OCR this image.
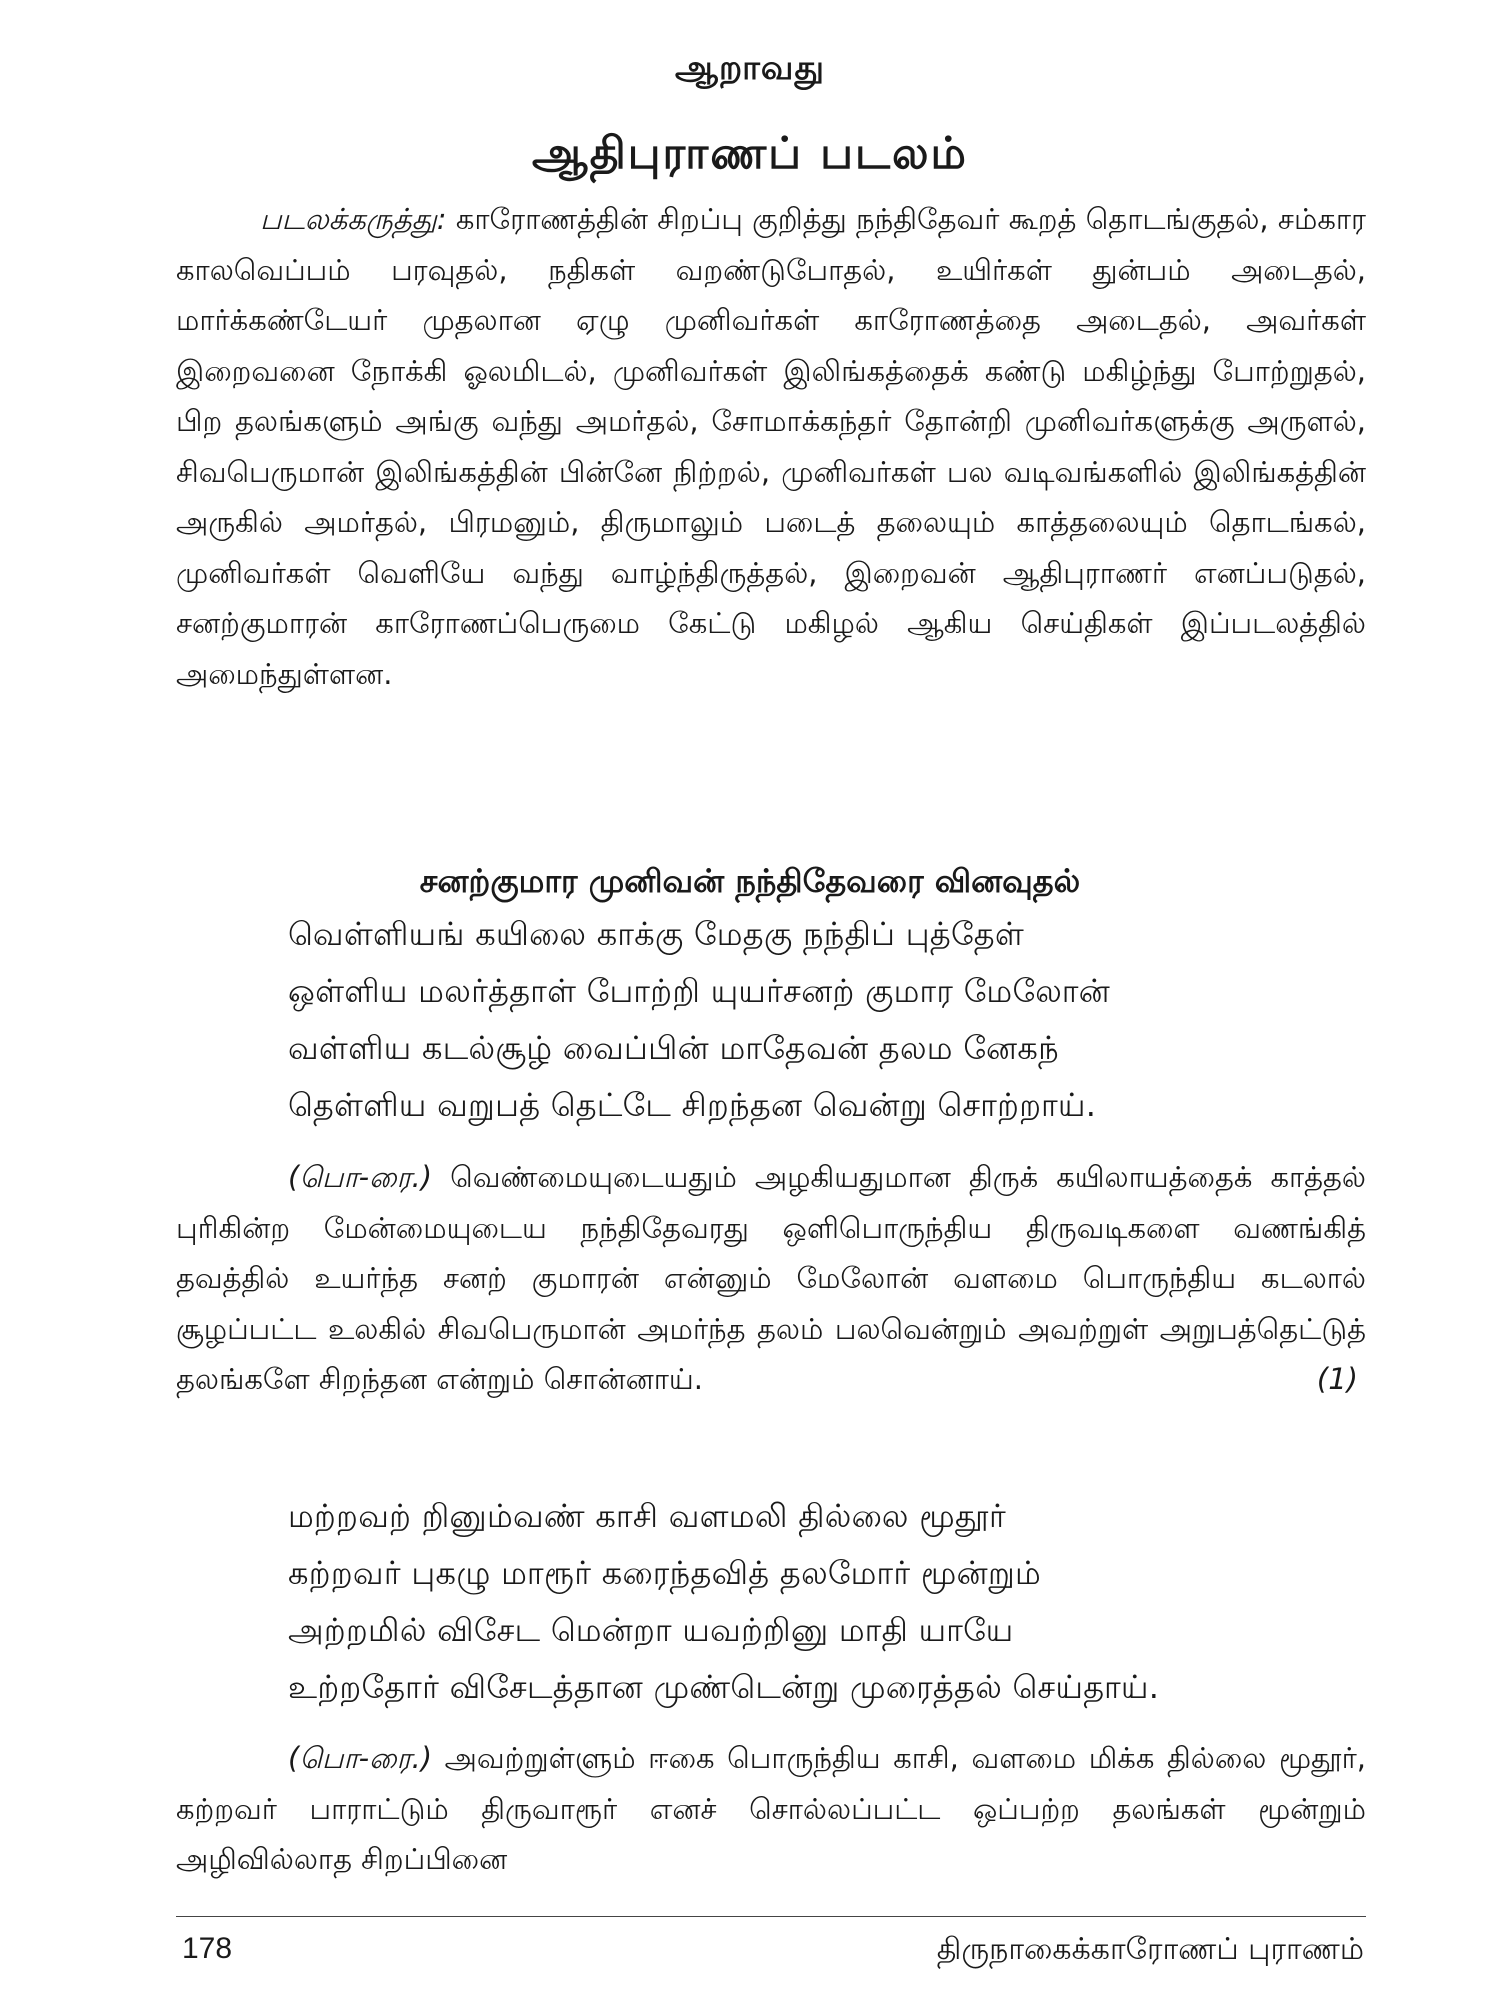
ஆறாவது
ஆதிபுராணப் படலம்

படலக்கருத்து: காரோணத்தின் சிறப்பு குறித்து நந்திதேவர் கூறத் தொடங்குதல், சம்கார காலவெப்பம் பரவுதல், நதிகள் வறண்டுபோதல், உயிர்கள் துன்பம் அடைதல், மார்க்கண்டேயர் முதலான ஏழு முனிவர்கள் காரோணத்தை அடைதல், அவர்கள் இறைவனை நோக்கி ஓலமிடல், முனிவர்கள் இலிங்கத்தைக் கண்டு மகிழ்ந்து போற்றுதல், பிற தலங்களும் அங்கு வந்து அமர்தல், சோமாக்கந்தர் தோன்றி முனிவர்களுக்கு அருளல், சிவபெருமான் இலிங்கத்தின் பின்னே நிற்றல், முனிவர்கள் பல வடிவங்களில் இலிங்கத்தின் அருகில் அமர்தல், பிரமனும், திருமாலும் படைத் தலையும் காத்தலையும் தொடங்கல், முனிவர்கள் வெளியே வந்து வாழ்ந்திருத்தல், இறைவன் ஆதிபுராணர் எனப்படுதல், சனற்குமாரன் காரோணப்பெருமை கேட்டு மகிழல் ஆகிய செய்திகள் இப்படலத்தில் அமைந்துள்ளன.

சனற்குமார முனிவன் நந்திதேவரை வினவுதல்
வெள்ளியங் கயிலை காக்கு மேதகு நந்திப் புத்தேள்
ஒள்ளிய மலர்த்தாள் போற்றி யுயர்சனற் குமார மேலோன்
வள்ளிய கடல்சூழ் வைப்பின் மாதேவன் தலம னேகந்
தெள்ளிய வறுபத் தெட்டே சிறந்தன வென்று சொற்றாய்.

(பொ-ரை.) வெண்மையுடையதும் அழகியதுமான திருக் கயிலாயத்தைக் காத்தல் புரிகின்ற மேன்மையுடைய நந்திதேவரது ஒளிபொருந்திய திருவடிகளை வணங்கித் தவத்தில் உயர்ந்த சனற் குமாரன் என்னும் மேலோன் வளமை பொருந்திய கடலால் சூழப்பட்ட உலகில் சிவபெருமான் அமர்ந்த தலம் பலவென்றும் அவற்றுள் அறுபத்தெட்டுத் தலங்களே சிறந்தன என்றும் சொன்னாய்.	(1)

மற்றவற் றினும்வண் காசி வளமலி தில்லை மூதூர்
கற்றவர் புகழு மாரூர் கரைந்தவித் தலமோர் மூன்றும்
அற்றமில் விசேட மென்றா யவற்றினு மாதி யாயே
உற்றதோர் விசேடத்தான முண்டென்று முரைத்தல் செய்தாய்.

(பொ-ரை.) அவற்றுள்ளும் ஈகை பொருந்திய காசி, வளமை மிக்க தில்லை மூதூர், கற்றவர் பாராட்டும் திருவாரூர் எனச் சொல்லப்பட்ட ஒப்பற்ற தலங்கள் மூன்றும் அழிவில்லாத சிறப்பினை

178	திருநாகைக்காரோணப் புராணம்
